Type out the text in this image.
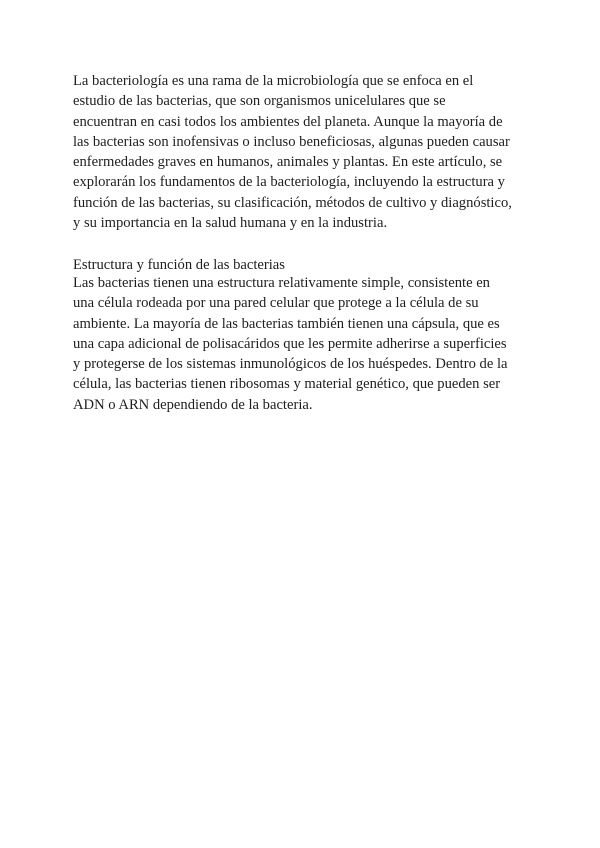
La bacteriología es una rama de la microbiología que se enfoca en el
estudio de las bacterias, que son organismos unicelulares que se
encuentran en casi todos los ambientes del planeta. Aunque la mayoría de
las bacterias son inofensivas o incluso beneficiosas, algunas pueden causar
enfermedades graves en humanos, animales y plantas. En este artículo, se
explorarán los fundamentos de la bacteriología, incluyendo la estructura y
función de las bacterias, su clasificación, métodos de cultivo y diagnóstico,
y su importancia en la salud humana y en la industria.

Estructura y función de las bacterias

Las bacterias tienen una estructura relativamente simple, consistente en
una célula rodeada por una pared celular que protege a la célula de su
ambiente. La mayoría de las bacterias también tienen una cápsula, que es
una capa adicional de polisacáridos que les permite adherirse a superficies
y protegerse de los sistemas inmunológicos de los huéspedes. Dentro de la
célula, las bacterias tienen ribosomas y material genético, que pueden ser
ADN o ARN dependiendo de la bacteria.
